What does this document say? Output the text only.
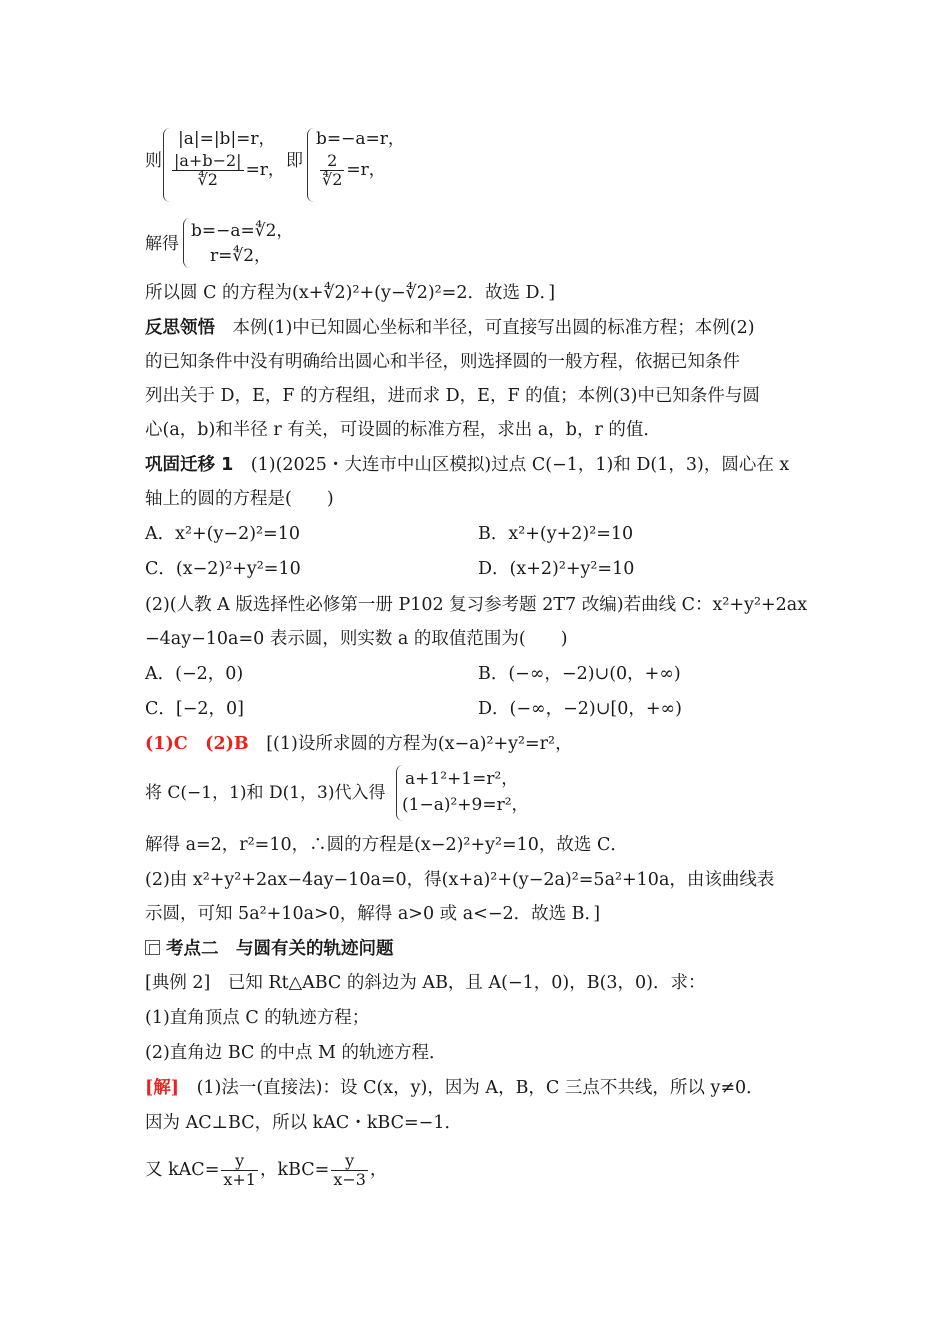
则
|a|=|b|=r，
$\frac{|a+b-2|}{∜2} =r$， 即
b=−a=r，
$\frac{2}{∜2} =r$，
解得
b=−a=∜2，
r=∜2，
所以圆 C 的方程为(x+∜2)²+(y−∜2)²=2．故选 D．]
反思领悟　 本例(1)中已知圆心坐标和半径，可直接写出圆的标准方程；本例(2)
的已知条件中没有明确给出圆心和半径，则选择圆的一般方程，依据已知条件
列出关于 D，E，F 的方程组，进而求 D，E，F 的值；本例(3)中已知条件与圆
心(a，b)和半径 r 有关，可设圆的标准方程，求出 a，b，r 的值．
巩固迁移 1　 (1)(2025・大连市中山区模拟)过点 C(−1，1)和 D(1，3)，圆心在 x
轴上的圆的方程是(　　)
A．x²+(y−2)²=10	B．x²+(y+2)²=10
C．(x−2)²+y²=10	D．(x+2)²+y²=10
(2)(人教 A 版选择性必修第一册 P102 复习参考题 2T7 改编)若曲线 C：x²+y²+2ax
−4ay−10a=0 表示圆，则实数 a 的取值范围为(　　)
A．(−2，0)	B．(−∞，−2)∪(0，+∞)
C．[−2，0]	D．(−∞，−2)∪[0，+∞)
(1)C　 (2)B　 [(1)设所求圆的方程为(x−a)²+y²=r²，
将 C(−1，1)和 D(1，3)代入得
a+1²+1=r²，
(1−a)²+9=r²，
解得 a=2，r²=10，∴圆的方程是(x−2)²+y²=10，故选 C．
(2)由 x²+y²+2ax−4ay−10a=0，得(x+a)²+(y−2a)²=5a²+10a，由该曲线表
示圆，可知 5a²+10a>0，解得 a>0 或 a<−2．故选 B．]
考点二　与圆有关的轨迹问题
[典例 2]　 已知 Rt△ABC 的斜边为 AB，且 A(−1，0)，B(3，0)．求：
(1)直角顶点 C 的轨迹方程；
(2)直角边 BC 的中点 M 的轨迹方程．
[解]　 (1)法一(直接法)：设 C(x，y)，因为 A，B，C 三点不共线，所以 y≠0．
因为 AC⊥BC，所以 kAC・kBC=−1．
又 $kAC= \frac{y}{x+1}$ ，$kBC= \frac{y}{x-3}$ ，
